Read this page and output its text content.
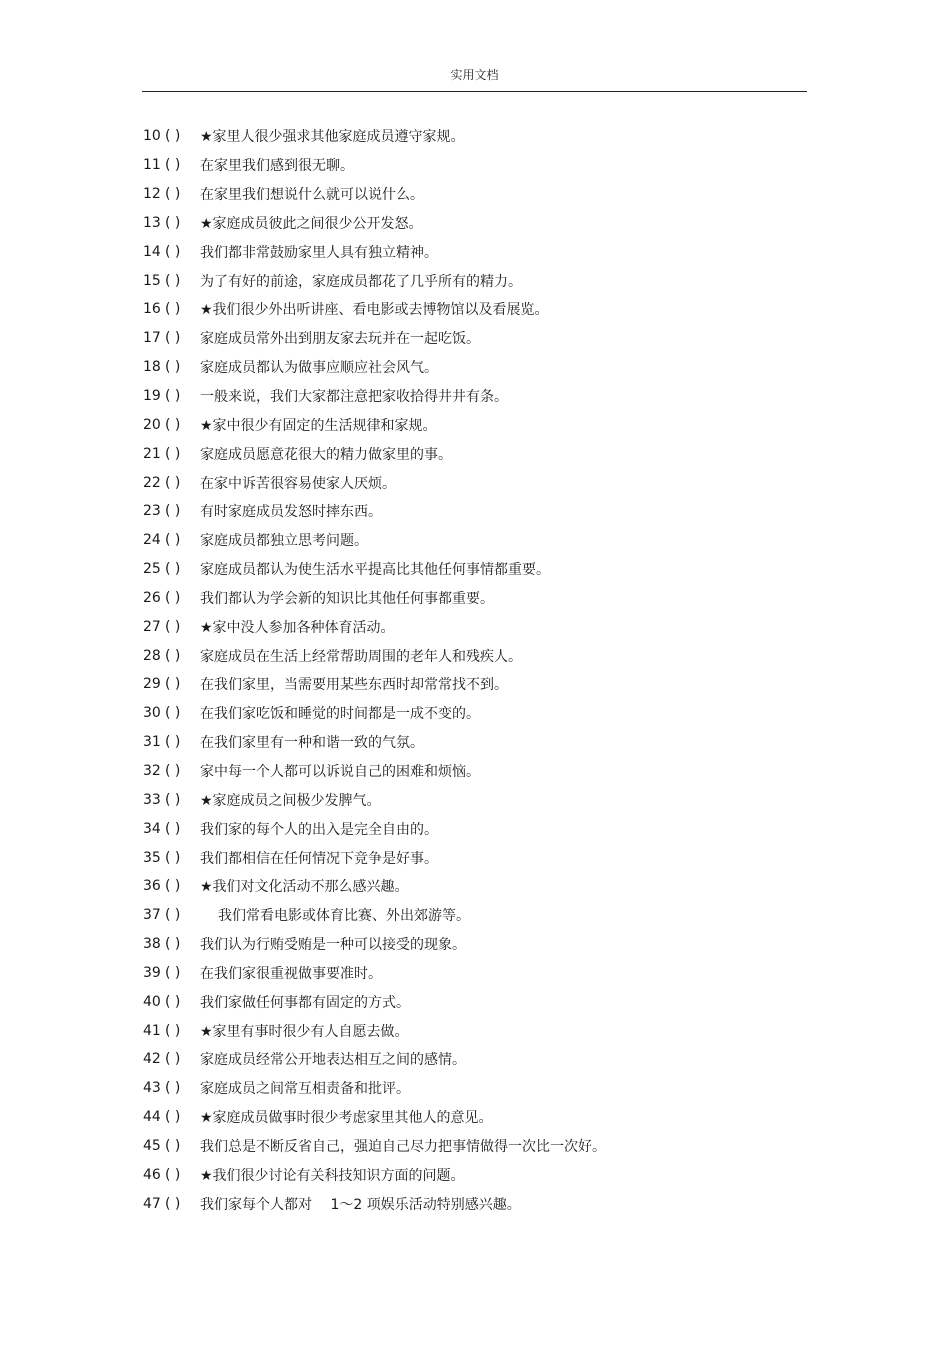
实用文档
10 ( )	★家里人很少强求其他家庭成员遵守家规。
11 ( )	在家里我们感到很无聊。
12 ( )	在家里我们想说什么就可以说什么。
13 ( )	★家庭成员彼此之间很少公开发怒。
14 ( )	我们都非常鼓励家里人具有独立精神。
15 ( )	为了有好的前途，家庭成员都花了几乎所有的精力。
16 ( )	★我们很少外出听讲座、看电影或去博物馆以及看展览。
17 ( )	家庭成员常外出到朋友家去玩并在一起吃饭。
18 ( )	家庭成员都认为做事应顺应社会风气。
19 ( )	一般来说，我们大家都注意把家收拾得井井有条。
20 ( )	★家中很少有固定的生活规律和家规。
21 ( )	家庭成员愿意花很大的精力做家里的事。
22 ( )	在家中诉苦很容易使家人厌烦。
23 ( )	有时家庭成员发怒时摔东西。
24 ( )	家庭成员都独立思考问题。
25 ( )	家庭成员都认为使生活水平提高比其他任何事情都重要。
26 ( )	我们都认为学会新的知识比其他任何事都重要。
27 ( )	★家中没人参加各种体育活动。
28 ( )	家庭成员在生活上经常帮助周围的老年人和残疾人。
29 ( )	在我们家里，当需要用某些东西时却常常找不到。
30 ( )	在我们家吃饭和睡觉的时间都是一成不变的。
31 ( )	在我们家里有一种和谐一致的气氛。
32 ( )	家中每一个人都可以诉说自己的困难和烦恼。
33 ( )	★家庭成员之间极少发脾气。
34 ( )	我们家的每个人的出入是完全自由的。
35 ( )	我们都相信在任何情况下竞争是好事。
36 ( )	★我们对文化活动不那么感兴趣。
37 ( )	我们常看电影或体育比赛、外出郊游等。
38 ( )	我们认为行贿受贿是一种可以接受的现象。
39 ( )	在我们家很重视做事要准时。
40 ( )	我们家做任何事都有固定的方式。
41 ( )	★家里有事时很少有人自愿去做。
42 ( )	家庭成员经常公开地表达相互之间的感情。
43 ( )	家庭成员之间常互相责备和批评。
44 ( )	★家庭成员做事时很少考虑家里其他人的意见。
45 ( )	我们总是不断反省自己，强迫自己尽力把事情做得一次比一次好。
46 ( )	★我们很少讨论有关科技知识方面的问题。
47 ( )	我们家每个人都对　 1～2 项娱乐活动特别感兴趣。
